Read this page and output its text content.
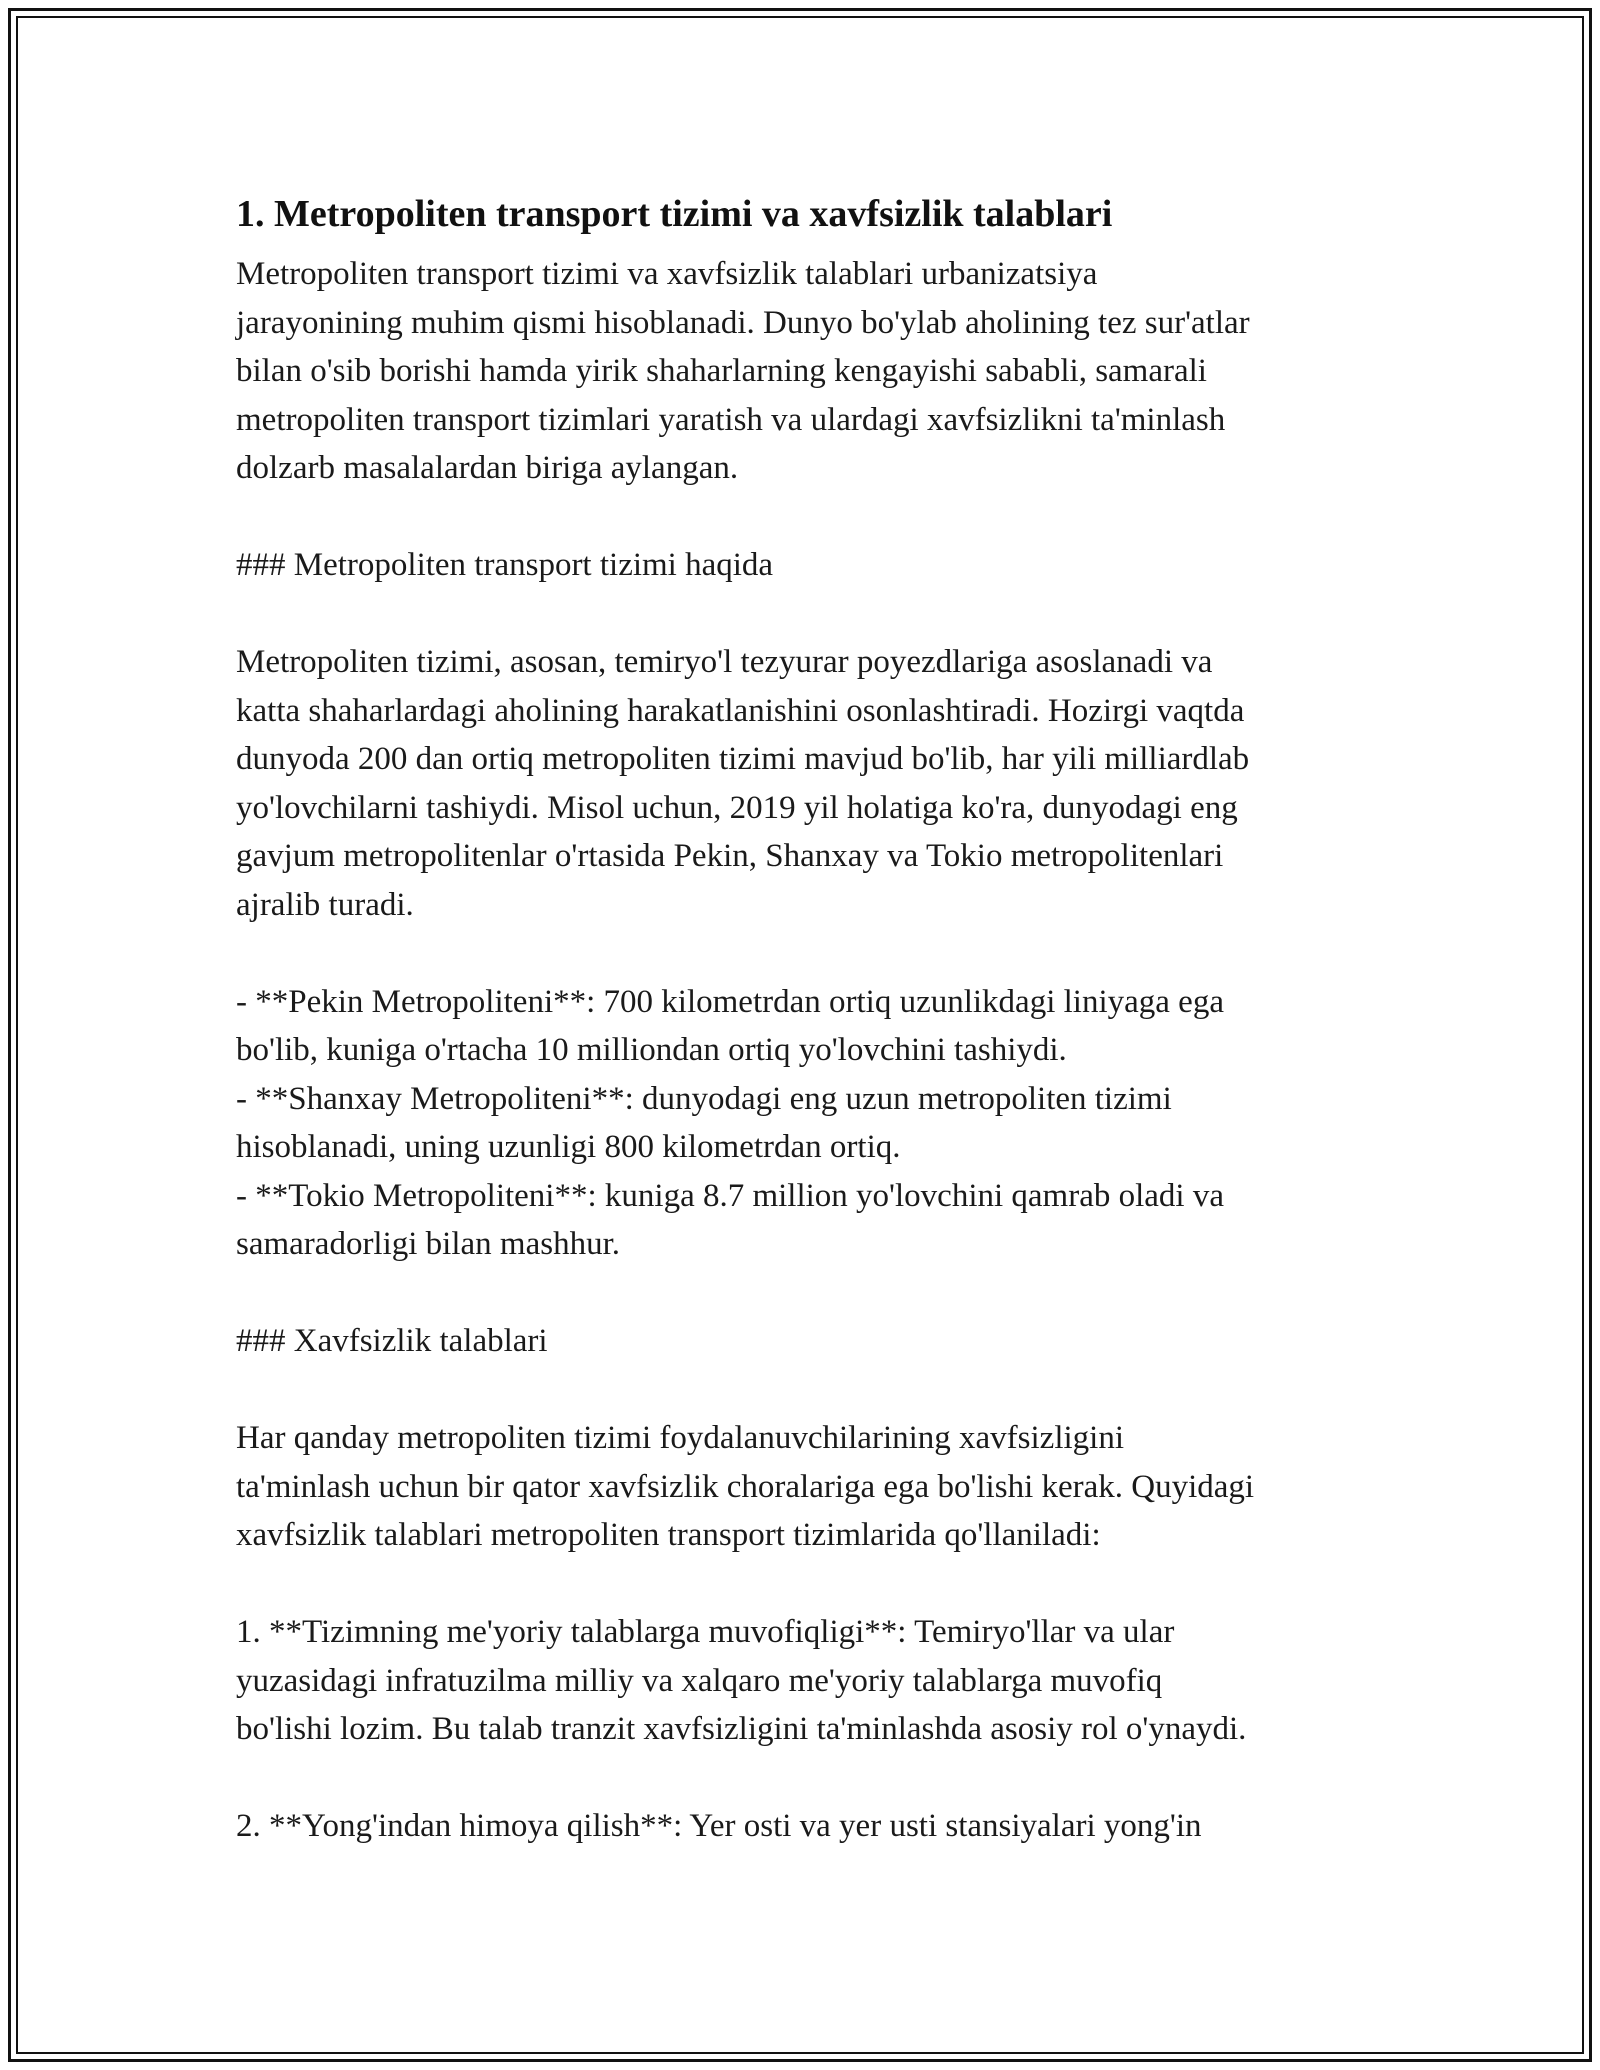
1. Metropoliten transport tizimi va xavfsizlik talablari
Metropoliten transport tizimi va xavfsizlik talablari urbanizatsiya
jarayonining muhim qismi hisoblanadi. Dunyo bo'ylab aholining tez sur'atlar
bilan o'sib borishi hamda yirik shaharlarning kengayishi sababli, samarali
metropoliten transport tizimlari yaratish va ulardagi xavfsizlikni ta'minlash
dolzarb masalalardan biriga aylangan.
### Metropoliten transport tizimi haqida
Metropoliten tizimi, asosan, temiryo'l tezyurar poyezdlariga asoslanadi va
katta shaharlardagi aholining harakatlanishini osonlashtiradi. Hozirgi vaqtda
dunyoda 200 dan ortiq metropoliten tizimi mavjud bo'lib, har yili milliardlab
yo'lovchilarni tashiydi. Misol uchun, 2019 yil holatiga ko'ra, dunyodagi eng
gavjum metropolitenlar o'rtasida Pekin, Shanxay va Tokio metropolitenlari
ajralib turadi.
- **Pekin Metropoliteni**: 700 kilometrdan ortiq uzunlikdagi liniyaga ega
bo'lib, kuniga o'rtacha 10 milliondan ortiq yo'lovchini tashiydi.
- **Shanxay Metropoliteni**: dunyodagi eng uzun metropoliten tizimi
hisoblanadi, uning uzunligi 800 kilometrdan ortiq.
- **Tokio Metropoliteni**: kuniga 8.7 million yo'lovchini qamrab oladi va
samaradorligi bilan mashhur.
### Xavfsizlik talablari
Har qanday metropoliten tizimi foydalanuvchilarining xavfsizligini
ta'minlash uchun bir qator xavfsizlik choralariga ega bo'lishi kerak. Quyidagi
xavfsizlik talablari metropoliten transport tizimlarida qo'llaniladi:
1. **Tizimning me'yoriy talablarga muvofiqligi**: Temiryo'llar va ular
yuzasidagi infratuzilma milliy va xalqaro me'yoriy talablarga muvofiq
bo'lishi lozim. Bu talab tranzit xavfsizligini ta'minlashda asosiy rol o'ynaydi.
2. **Yong'indan himoya qilish**: Yer osti va yer usti stansiyalari yong'in
